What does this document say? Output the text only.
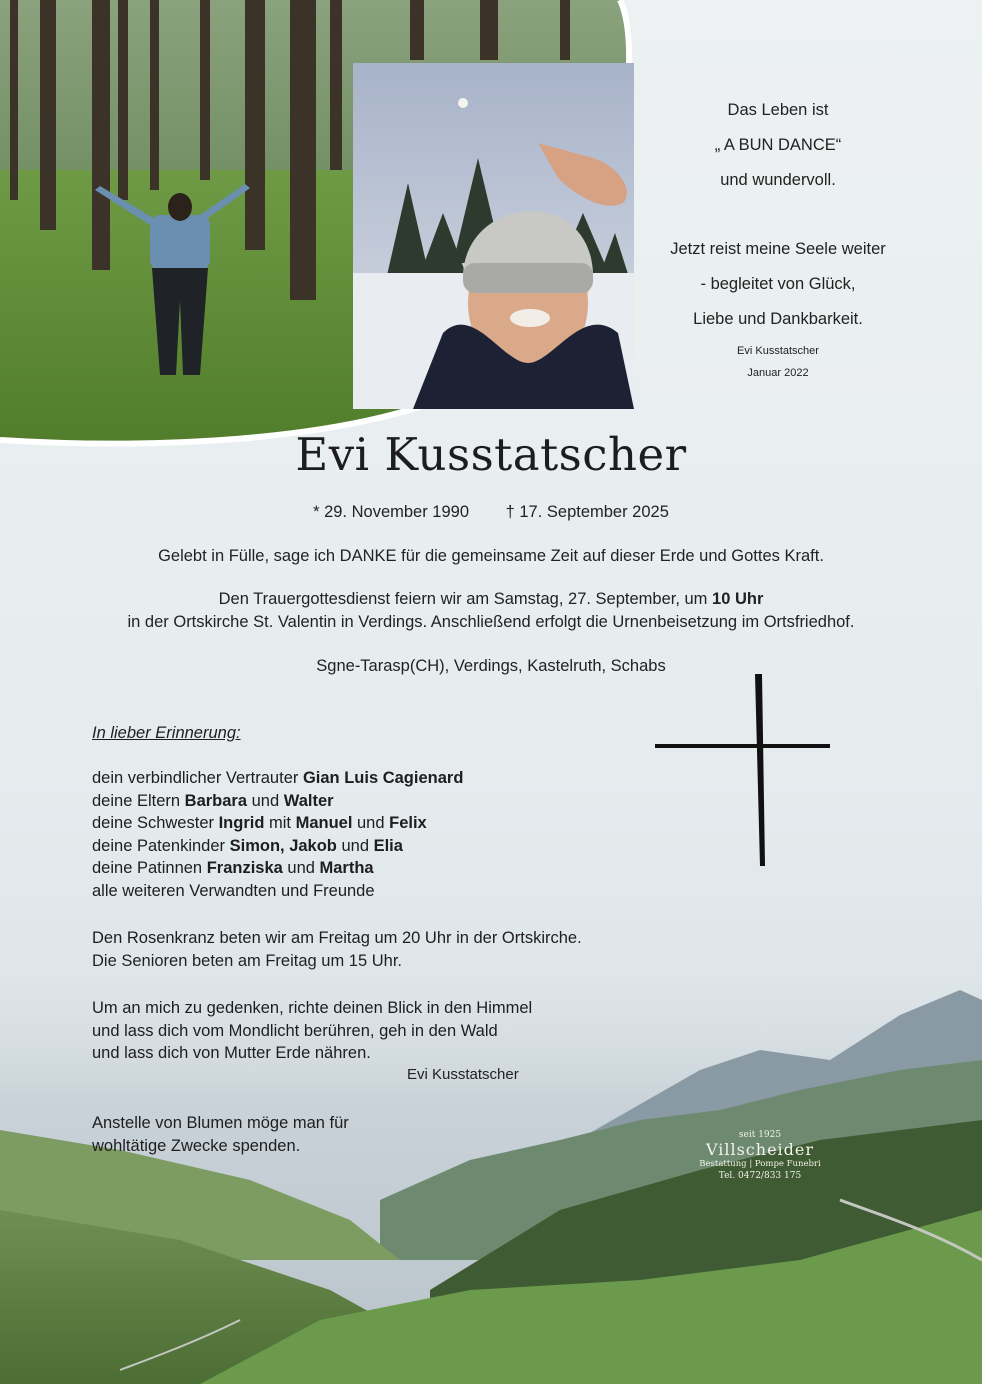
Das Leben ist
„ A BUN DANCE“
und wundervoll.
Jetzt reist meine Seele weiter
- begleitet von Glück,
Liebe und Dankbarkeit.
Evi Kusstatscher
Januar 2022
Evi Kusstatscher
* 29. November 1990 † 17. September 2025
Gelebt in Fülle, sage ich DANKE für die gemeinsame Zeit auf dieser Erde und Gottes Kraft.
Den Trauergottesdienst feiern wir am Samstag, 27. September, um 10 Uhr
in der Ortskirche St. Valentin in Verdings. Anschließend erfolgt die Urnenbeisetzung im Ortsfriedhof.
Sgne-Tarasp(CH), Verdings, Kastelruth, Schabs
In lieber Erinnerung:
dein verbindlicher Vertrauter Gian Luis Cagienard
deine Eltern Barbara und Walter
deine Schwester Ingrid mit Manuel und Felix
deine Patenkinder Simon, Jakob und Elia
deine Patinnen Franziska und Martha
alle weiteren Verwandten und Freunde
Den Rosenkranz beten wir am Freitag um 20 Uhr in der Ortskirche.
Um an mich zu gedenken, richte deinen Blick in den Himmel
und lass dich vom Mondlicht berühren, geh in den Wald
und lass dich von Mutter Erde nähren.
Evi Kusstatscher
Anstelle von Blumen möge man für
wohltätige Zwecke spenden.
seit 1925
Villscheider
Bestattung | Pompe Funebri
Tel. 0472/833 175
